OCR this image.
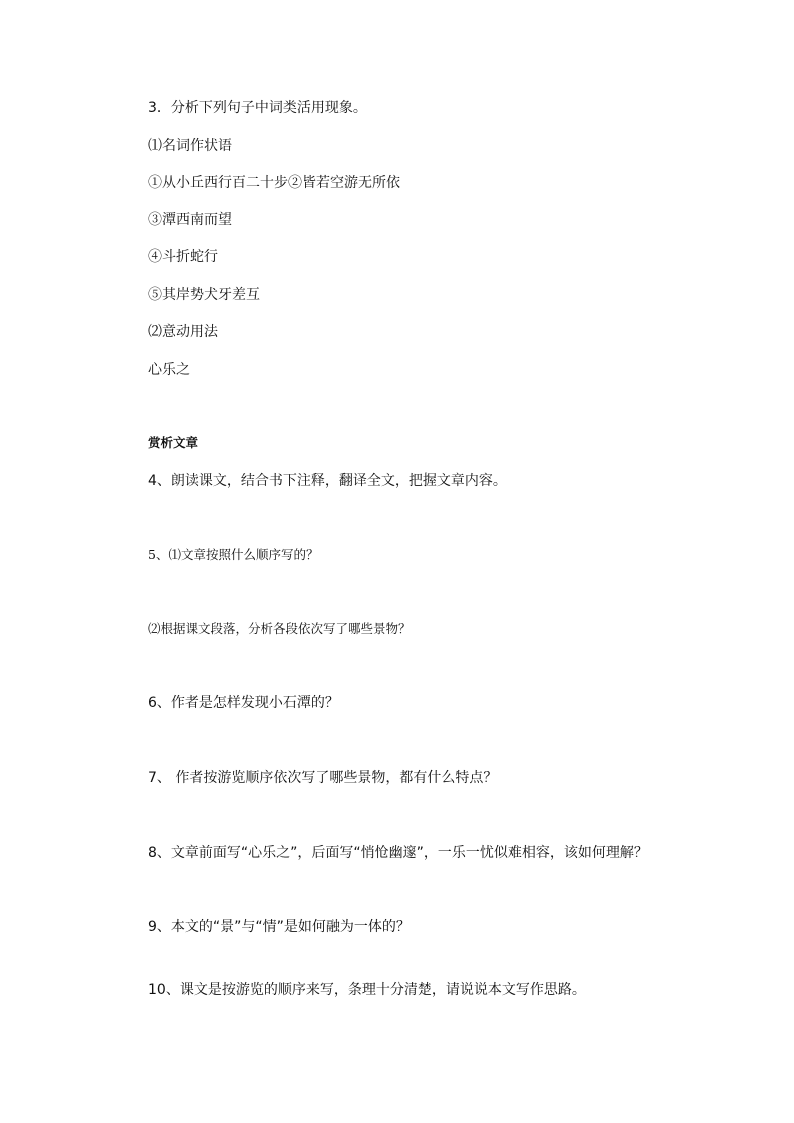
3．分析下列句子中词类活用现象。
⑴名词作状语
①从小丘西行百二十步②皆若空游无所依
③潭西南而望
④斗折蛇行
⑤其岸势犬牙差互
⑵意动用法
心乐之
赏析文章
4、朗读课文，结合书下注释，翻译全文，把握文章内容。
5、⑴文章按照什么顺序写的？
⑵根据课文段落，分析各段依次写了哪些景物？
6、作者是怎样发现小石潭的？
7、 作者按游览顺序依次写了哪些景物，都有什么特点？
8、文章前面写“心乐之”，后面写“悄怆幽邃”，一乐一忧似难相容，该如何理解？
9、本文的“景”与“情”是如何融为一体的？
10、课文是按游览的顺序来写，条理十分清楚，请说说本文写作思路。
